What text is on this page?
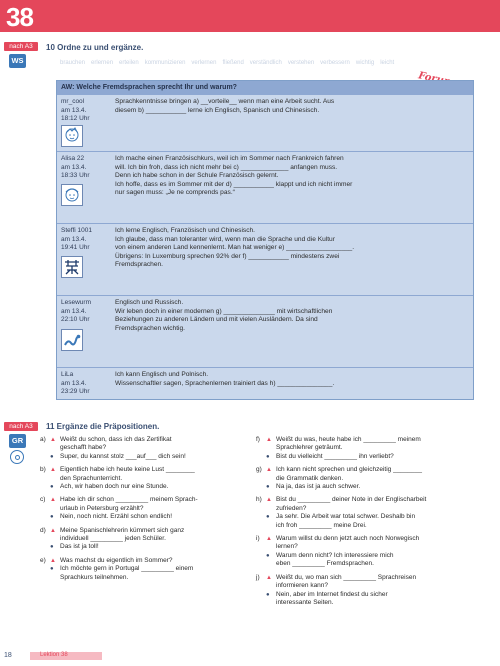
38
nach A3
WS
10 Ordne zu und ergänze.
brauchen erlernen erteilen kommunizieren verlernen fließend verständlich verstehen verbessern wichtig leicht
AW: Welche Fremdsprachen sprecht Ihr und warum?
mr_cool
am 13.4.
18:12 Uhr
Sprachkenntnisse bringen a) __vorteile__ wenn man eine Arbeit sucht. Aus
diesem b) ___________ lerne ich Englisch, Spanisch und Chinesisch.
Alisa 22
am 13.4.
18:33 Uhr
Ich mache einen Französischkurs, weil ich im Sommer nach Frankreich fahren
will. Ich bin froh, dass ich nicht mehr bei c) _____________ anfangen muss.
Denn ich habe schon in der Schule Französisch gelernt.
Ich hoffe, dass es im Sommer mit der d) ___________ klappt und ich nicht immer
nur sagen muss: „Je ne comprends pas.“
Steffi 1001
am 13.4.
19:41 Uhr
Ich lerne Englisch, Französisch und Chinesisch.
Ich glaube, dass man toleranter wird, wenn man die Sprache und die Kultur
von einem anderen Land kennenlernt. Man hat weniger e) __________________.
Übrigens: In Luxemburg sprechen 92% der f) ___________ mindestens zwei
Fremdsprachen.
Lesewurm
am 13.4.
22:10 Uhr
Englisch und Russisch.
Wir leben doch in einer modernen g) ______________ mit wirtschaftlichen
Beziehungen zu anderen Ländern und mit vielen Ausländern. Da sind
Fremdsprachen wichtig.
LiLa
am 13.4.
23:29 Uhr
Ich kann Englisch und Polnisch.
Wissenschaftler sagen, Sprachenlernen trainiert das h) _______________.
nach A3
GR
11 Ergänze die Präpositionen.
a) ▲ Weißt du schon, dass ich das Zertifikat
geschafft habe?
● Super, du kannst stolz ___auf___ dich sein!
b) ▲ Eigentlich habe ich heute keine Lust ________
den Sprachunterricht.
● Ach, wir haben doch nur eine Stunde.
c) ▲ Habe ich dir schon _________ meinem Sprach-
urlaub in Petersburg erzählt?
● Nein, noch nicht. Erzähl schon endlich!
d) ▲ Meine Spanischlehrerin kümmert sich ganz
individuell _________ jeden Schüler.
● Das ist ja toll!
e) ▲ Was machst du eigentlich im Sommer?
● Ich möchte gern in Portugal _________ einem
Sprachkurs teilnehmen.
f) ▲ Weißt du was, heute habe ich _________ meinem
Sprachlehrer geträumt.
● Bist du vielleicht _________ ihn verliebt?
g) ▲ Ich kann nicht sprechen und gleichzeitig ________
die Grammatik denken.
● Na ja, das ist ja auch schwer.
h) ▲ Bist du _________ deiner Note in der Englischarbeit
zufrieden?
● Ja sehr. Die Arbeit war total schwer. Deshalb bin
ich froh _________ meine Drei.
i) ▲ Warum willst du denn jetzt auch noch Norwegisch
lernen?
● Warum denn nicht? Ich interessiere mich
eben _________ Fremdsprachen.
j) ▲ Weißt du, wo man sich _________ Sprachreisen
informieren kann?
● Nein, aber im Internet findest du sicher
interessante Seiten.
18	Lektion 38
